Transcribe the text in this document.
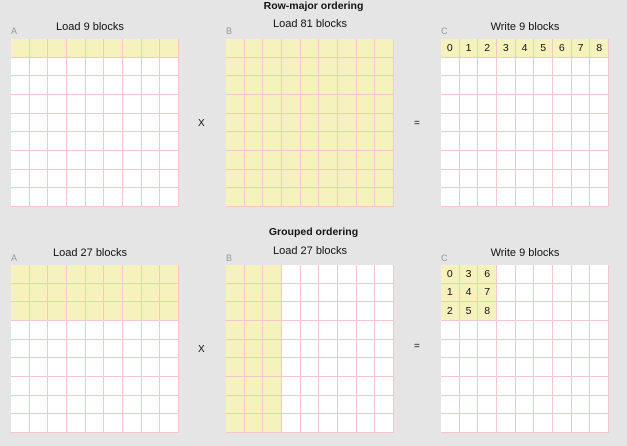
Row-major ordering
A	Load 9 blocks
X
B
Load 81 blocks
=
C	Write 9 blocks
0	1	2	3	4	5	6	7	8
Grouped ordering
A	Load 27 blocks
X
B
Load 27 blocks
=
C	Write 9 blocks
0	3	6
1	4	7
2	5	8
